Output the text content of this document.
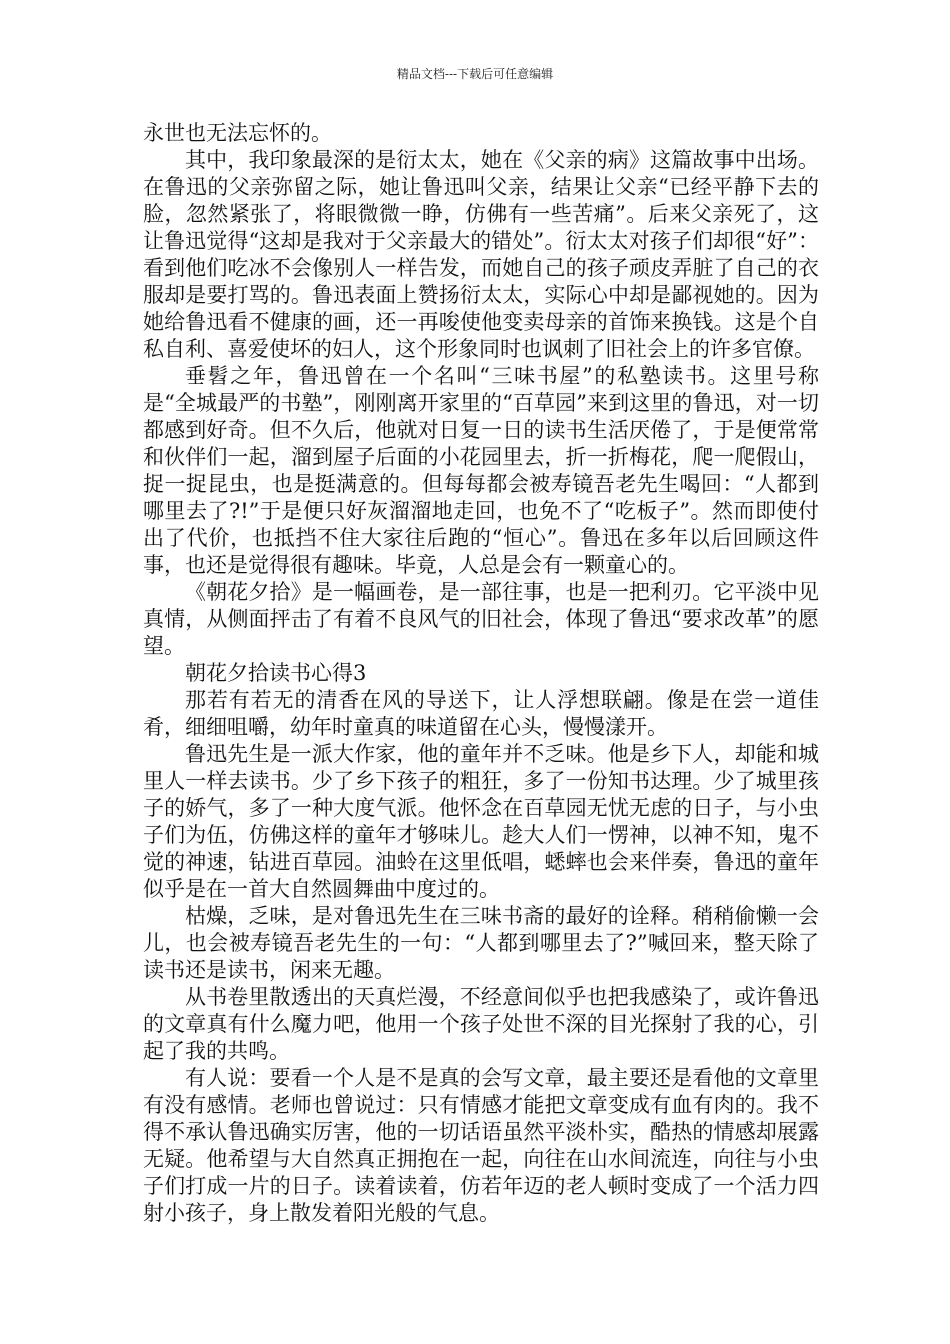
精品文档---下载后可任意编辑

永世也无法忘怀的。

其中，我印象最深的是衍太太，她在《父亲的病》这篇故事中出场。在鲁迅的父亲弥留之际，她让鲁迅叫父亲，结果让父亲“已经平静下去的脸，忽然紧张了，将眼微微一睁，仿佛有一些苦痛”。后来父亲死了，这让鲁迅觉得“这却是我对于父亲最大的错处”。衍太太对孩子们却很“好”：看到他们吃冰不会像别人一样告发，而她自己的孩子顽皮弄脏了自己的衣服却是要打骂的。鲁迅表面上赞扬衍太太，实际心中却是鄙视她的。因为她给鲁迅看不健康的画，还一再唆使他变卖母亲的首饰来换钱。这是个自私自利、喜爱使坏的妇人，这个形象同时也讽刺了旧社会上的许多官僚。

垂髫之年，鲁迅曾在一个名叫“三味书屋”的私塾读书。这里号称是“全城最严的书塾”，刚刚离开家里的“百草园”来到这里的鲁迅，对一切都感到好奇。但不久后，他就对日复一日的读书生活厌倦了，于是便常常和伙伴们一起，溜到屋子后面的小花园里去，折一折梅花，爬一爬假山，捉一捉昆虫，也是挺满意的。但每每都会被寿镜吾老先生喝回：“人都到哪里去了?!”于是便只好灰溜溜地走回，也免不了“吃板子”。然而即使付出了代价，也抵挡不住大家往后跑的“恒心”。鲁迅在多年以后回顾这件事，也还是觉得很有趣味。毕竟，人总是会有一颗童心的。

《朝花夕拾》是一幅画卷，是一部往事，也是一把利刃。它平淡中见真情，从侧面抨击了有着不良风气的旧社会，体现了鲁迅“要求改革”的愿望。

朝花夕拾读书心得3

那若有若无的清香在风的导送下，让人浮想联翩。像是在尝一道佳肴，细细咀嚼，幼年时童真的味道留在心头，慢慢漾开。

鲁迅先生是一派大作家，他的童年并不乏味。他是乡下人，却能和城里人一样去读书。少了乡下孩子的粗狂，多了一份知书达理。少了城里孩子的娇气，多了一种大度气派。他怀念在百草园无忧无虑的日子，与小虫子们为伍，仿佛这样的童年才够味儿。趁大人们一愣神，以神不知，鬼不觉的神速，钻进百草园。油蛉在这里低唱，蟋蟀也会来伴奏，鲁迅的童年似乎是在一首大自然圆舞曲中度过的。

枯燥，乏味，是对鲁迅先生在三味书斋的最好的诠释。稍稍偷懒一会儿，也会被寿镜吾老先生的一句：“人都到哪里去了?”喊回来，整天除了读书还是读书，闲来无趣。

从书卷里散透出的天真烂漫，不经意间似乎也把我感染了，或许鲁迅的文章真有什么魔力吧，他用一个孩子处世不深的目光探射了我的心，引起了我的共鸣。

有人说：要看一个人是不是真的会写文章，最主要还是看他的文章里有没有感情。老师也曾说过：只有情感才能把文章变成有血有肉的。我不得不承认鲁迅确实厉害，他的一切话语虽然平淡朴实，酷热的情感却展露无疑。他希望与大自然真正拥抱在一起，向往在山水间流连，向往与小虫子们打成一片的日子。读着读着，仿若年迈的老人顿时变成了一个活力四射小孩子，身上散发着阳光般的气息。
